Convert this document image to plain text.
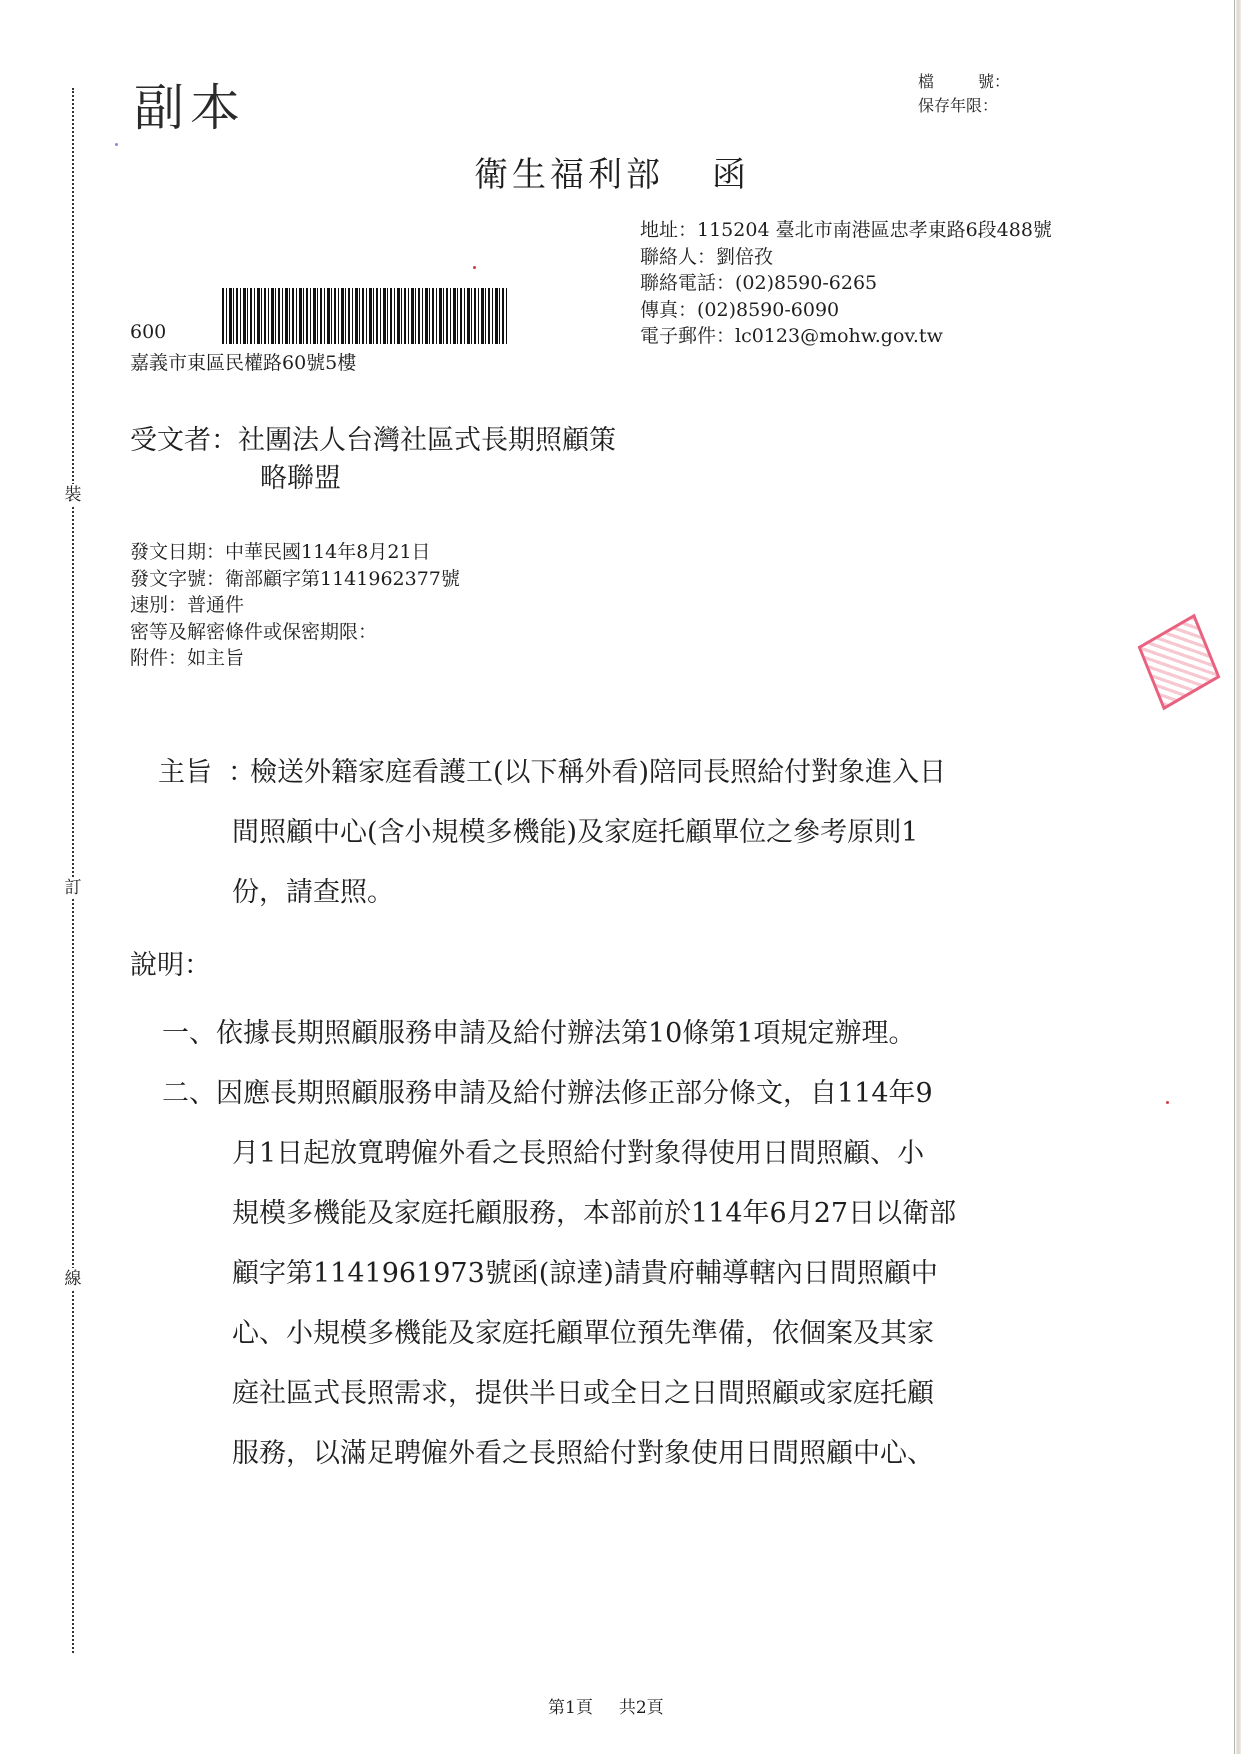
裝
訂
線
副本	檔	號：
保存年限：
衛生福利部 函
地址：115204 臺北市南港區忠孝東路6段488號
聯絡人：劉倍孜
聯絡電話：(02)8590-6265
傳真：(02)8590-6090
電子郵件：lc0123@mohw.gov.tw
600
嘉義市東區民權路60號5樓
受文者：社團法人台灣社區式長期照顧策
略聯盟
發文日期：中華民國114年8月21日
發文字號：衛部顧字第1141962377號
速別：普通件
密等及解密條件或保密期限：
附件：如主旨
主旨 ：
檢送外籍家庭看護工(以下稱外看)陪同長照給付對象進入日
間照顧中心(含小規模多機能)及家庭托顧單位之參考原則1
份，請查照。
說明：
一、依據長期照顧服務申請及給付辦法第10條第1項規定辦理。
二、因應長期照顧服務申請及給付辦法修正部分條文，自114年9
月1日起放寬聘僱外看之長照給付對象得使用日間照顧、小
規模多機能及家庭托顧服務，本部前於114年6月27日以衛部
顧字第1141961973號函(諒達)請貴府輔導轄內日間照顧中
心、小規模多機能及家庭托顧單位預先準備，依個案及其家
庭社區式長照需求，提供半日或全日之日間照顧或家庭托顧
服務，以滿足聘僱外看之長照給付對象使用日間照顧中心、
第1頁 共2頁
